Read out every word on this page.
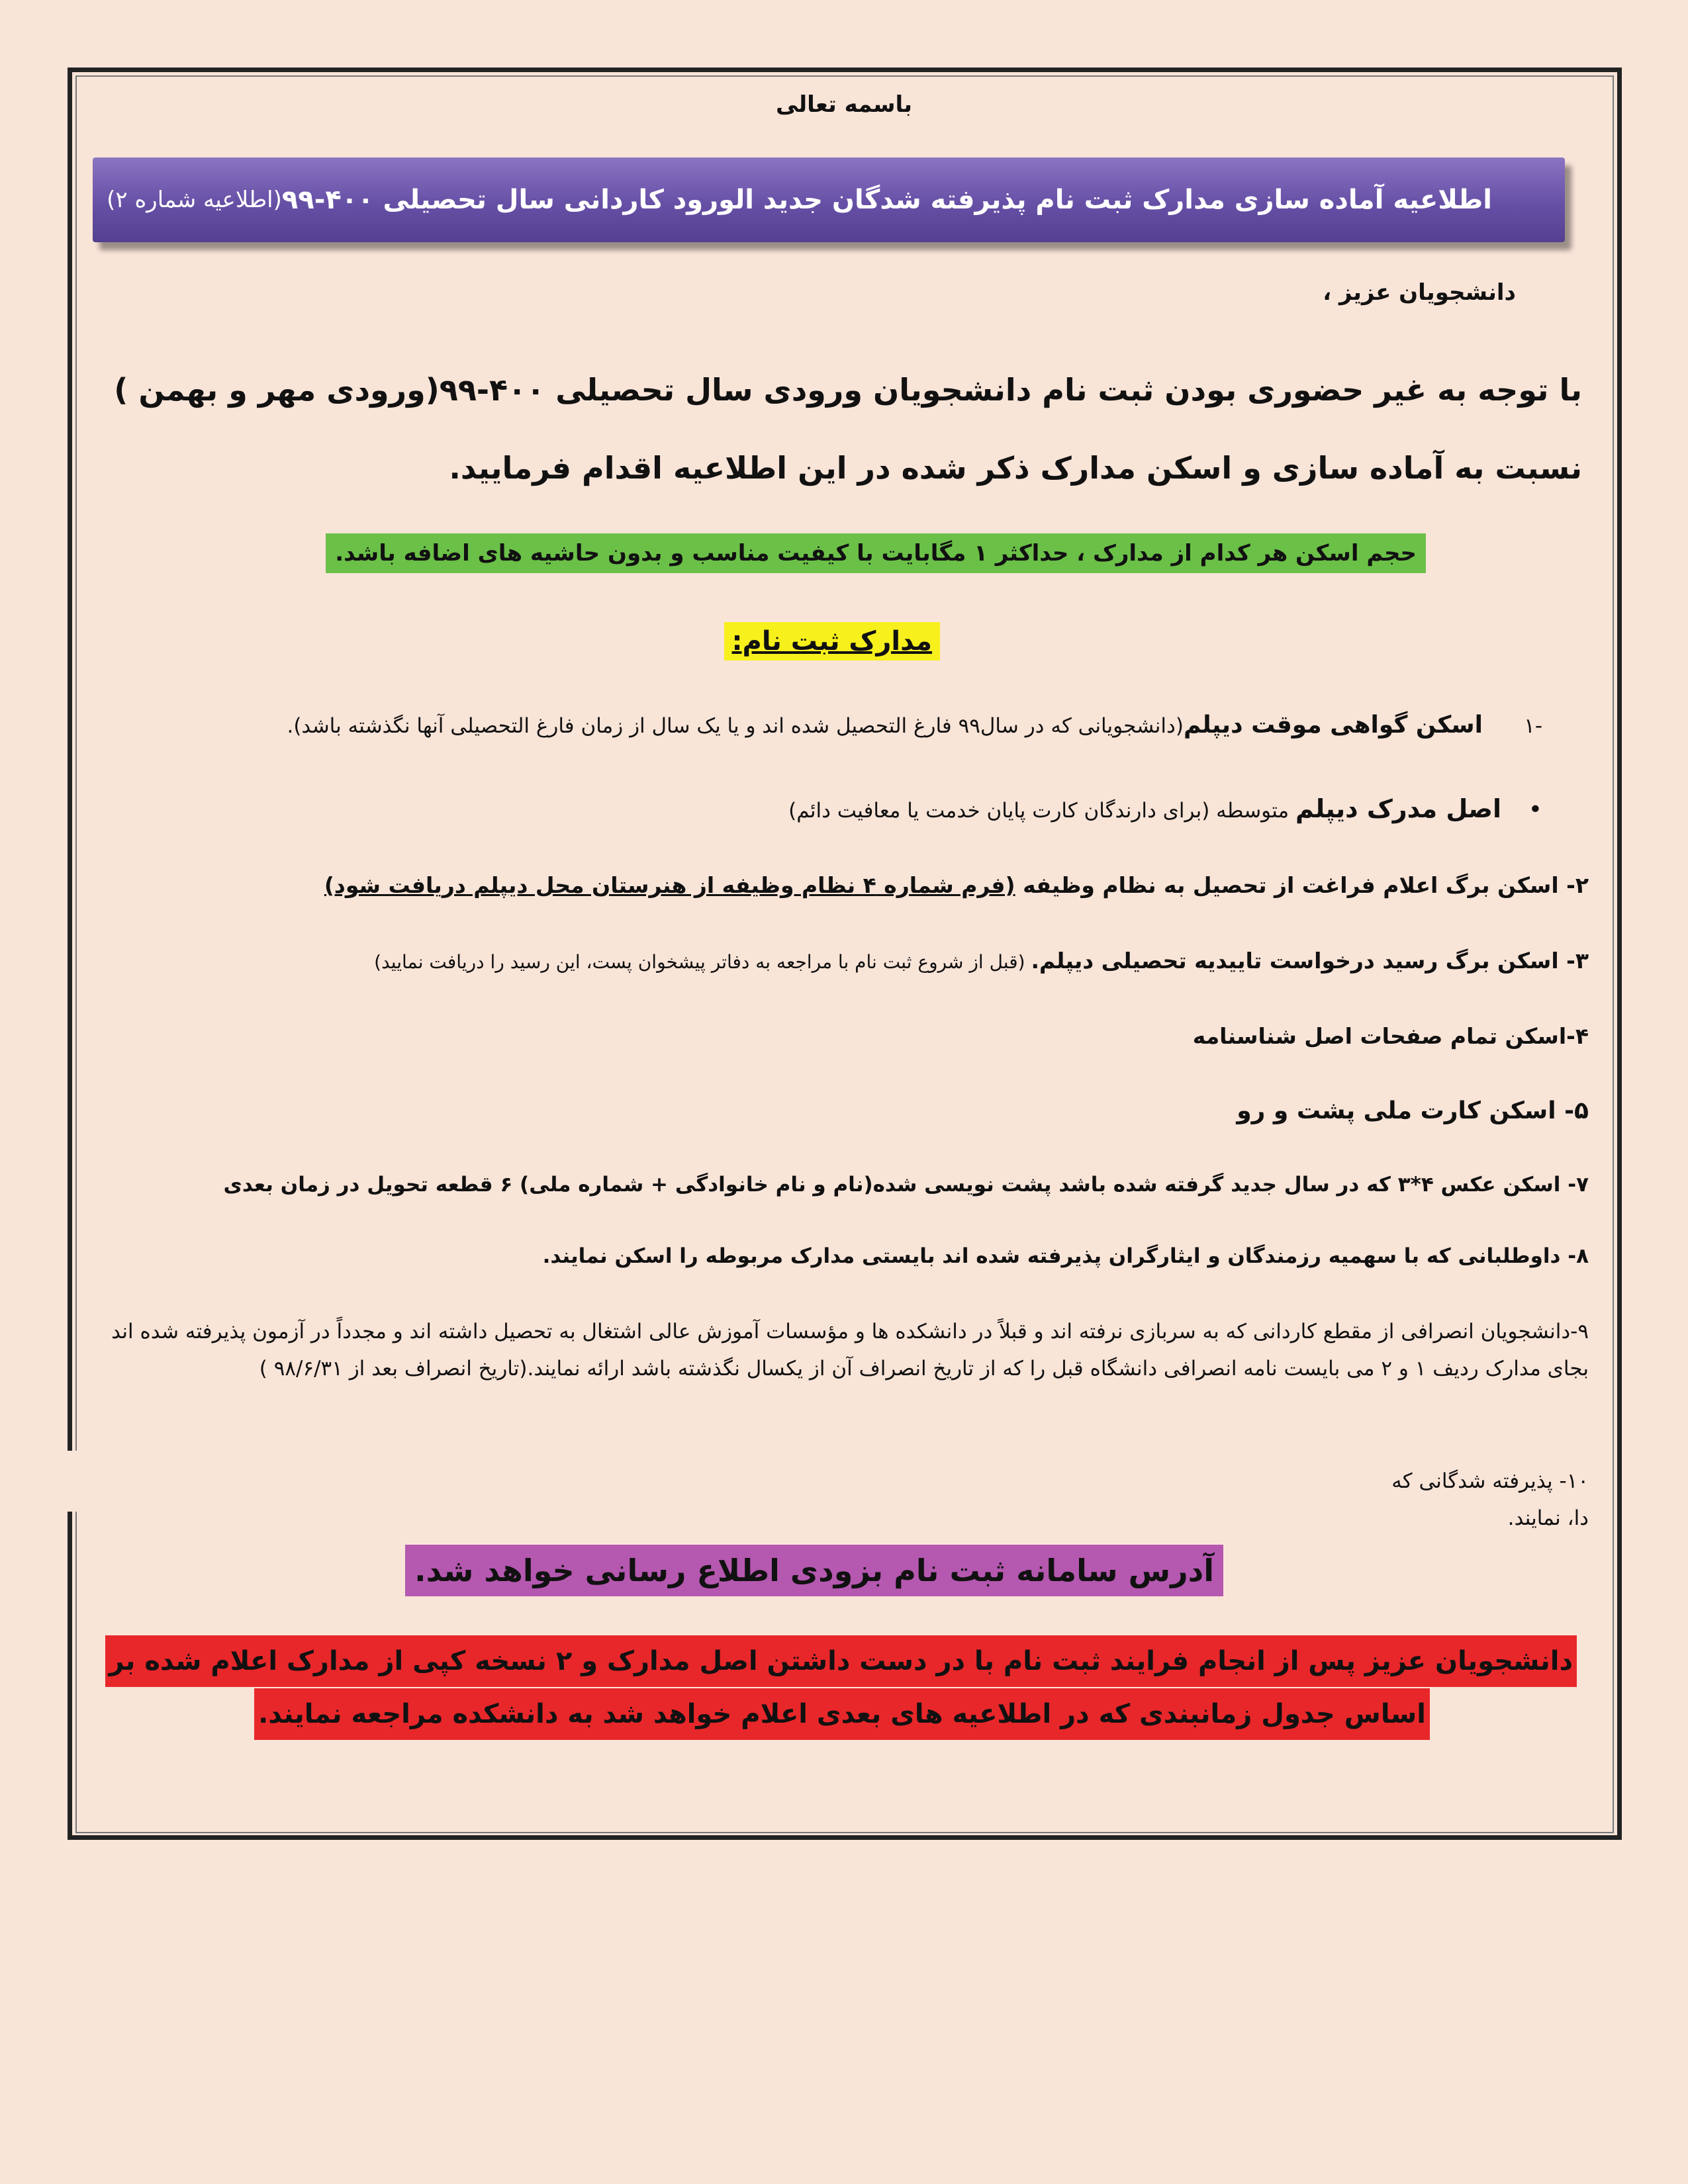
باسمه تعالی
اطلاعیه آماده سازی مدارک ثبت نام پذیرفته شدگان جدید الورود کاردانی سال تحصیلی ۴۰۰-۹۹
(اطلاعیه شماره ۲)
دانشجویان عزیز ،
با توجه به غیر حضوری بودن ثبت نام دانشجویان ورودی سال تحصیلی ۴۰۰-۹۹(ورودی مهر و بهمن ) نسبت به آماده سازی و اسکن مدارک ذکر شده در این اطلاعیه اقدام فرمایید.
حجم اسکن هر کدام از مدارک ، حداکثر ۱ مگابایت با کیفیت مناسب و بدون حاشیه های اضافه باشد.
مدارک ثبت نام:
-۱اسکن گواهی موقت دیپلم(دانشجویانی که در سال۹۹ فارغ التحصیل شده اند و یا یک سال از زمان فارغ التحصیلی آنها نگذشته باشد).
•اصل مدرک دیپلم متوسطه (برای دارندگان کارت پایان خدمت یا معافیت دائم)
۲- اسکن برگ اعلام فراغت از تحصیل به نظام وظیفه (فرم شماره ۴ نظام وظیفه از هنرستان محل دیپلم دریافت شود)
۳- اسکن برگ رسید درخواست تاییدیه تحصیلی دیپلم. (قبل از شروع ثبت نام با مراجعه به دفاتر پیشخوان پست، این رسید را دریافت نمایید)
۴-اسکن تمام صفحات اصل شناسنامه
۵- اسکن کارت ملی پشت و رو
۷- اسکن عکس ۴*۳ که در سال جدید گرفته شده باشد پشت نویسی شده(نام و نام خانوادگی + شماره ملی) ۶ قطعه تحویل در زمان بعدی
۸- داوطلبانی که با سهمیه رزمندگان و ایثارگران پذیرفته شده اند بایستی مدارک مربوطه را اسکن نمایند.
۹-دانشجویان انصرافی از مقطع کاردانی که به سربازی نرفته اند و قبلاً در دانشکده ها و مؤسسات آموزش عالی اشتغال به تحصیل داشته اند و مجدداً در آزمون پذیرفته شده اند بجای مدارک ردیف ۱ و ۲ می بایست نامه انصرافی دانشگاه قبل را که از تاریخ انصراف آن از یکسال نگذشته باشد ارائه نمایند.(تاریخ انصراف بعد از ۹۸/۶/۳۱ )
۱۰- پذیرفته شدگانی که دا، نمایند.
آدرس سامانه ثبت نام بزودی اطلاع رسانی خواهد شد.
دانشجویان عزیز پس از انجام فرایند ثبت نام با در دست داشتن اصل مدارک و ۲ نسخه کپی از مدارک اعلام شده بر اساس جدول زمانبندی که در اطلاعیه های بعدی اعلام خواهد شد به دانشکده مراجعه نمایند.
